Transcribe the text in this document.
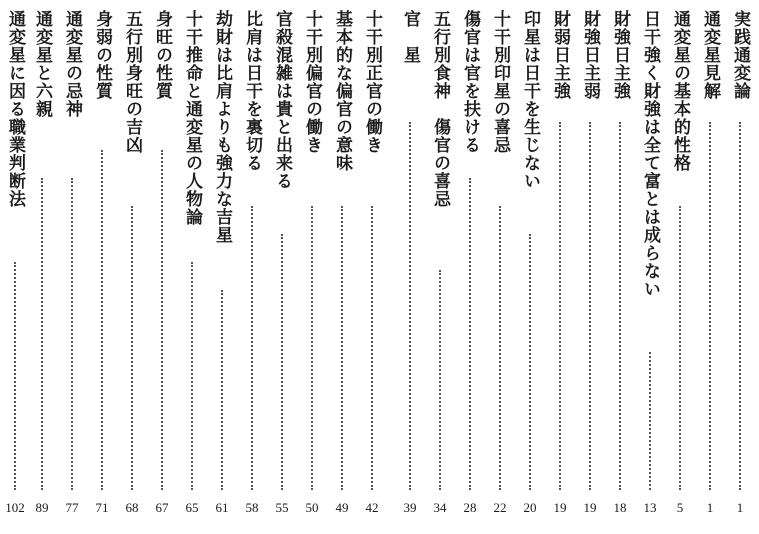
実践通変論
1
通変星見解
1
通変星の基本的性格
5
日干強く財強は全て富とは成らない
13
財強日主強
18
財強日主弱
19
財弱日主強
19
印星は日干を生じない
20
十干別印星の喜忌
22
傷官は官を扶ける
28
五行別食神　傷官の喜忌
34
官　星
39
十干別正官の働き
42
基本的な偏官の意味
49
十干別偏官の働き
50
官殺混雑は貴と出来る
55
比肩は日干を裏切る
58
劫財は比肩よりも強力な吉星
61
十干推命と通変星の人物論
65
身旺の性質
67
五行別身旺の吉凶
68
身弱の性質
71
通変星の忌神
77
通変星と六親
89
通変星に因る職業判断法
102
